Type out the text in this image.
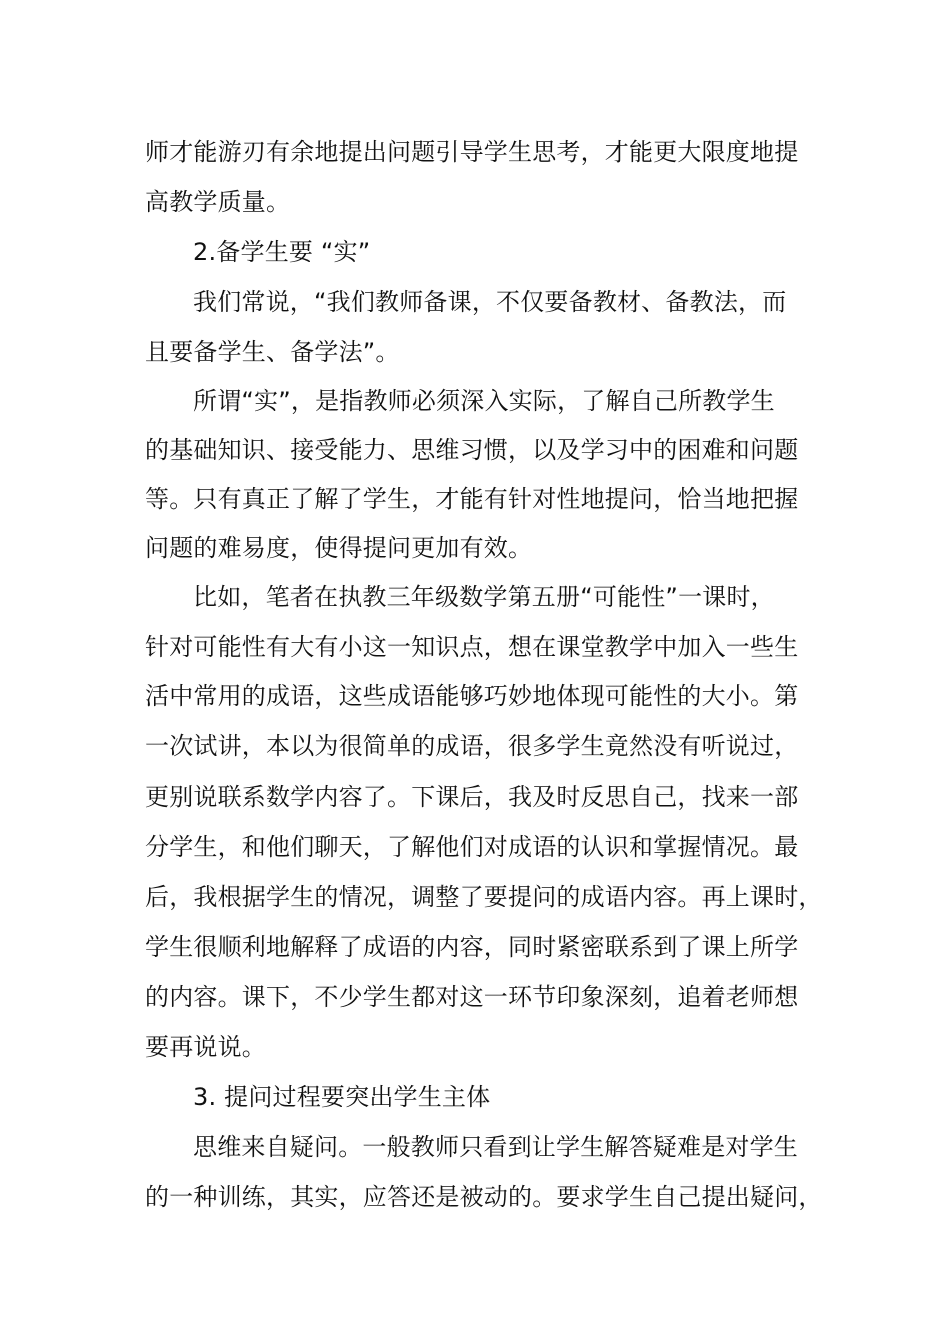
师才能游刃有余地提出问题引导学生思考，才能更大限度地提
高教学质量。
2.备学生要 “实”
我们常说，“我们教师备课，不仅要备教材、备教法，而
且要备学生、备学法”。
所谓“实”，是指教师必须深入实际，了解自己所教学生
的基础知识、接受能力、思维习惯，以及学习中的困难和问题
等。只有真正了解了学生，才能有针对性地提问，恰当地把握
问题的难易度，使得提问更加有效。
比如，笔者在执教三年级数学第五册“可能性”一课时，
针对可能性有大有小这一知识点，想在课堂教学中加入一些生
活中常用的成语，这些成语能够巧妙地体现可能性的大小。第
一次试讲，本以为很简单的成语，很多学生竟然没有听说过，
更别说联系数学内容了。下课后，我及时反思自己，找来一部
分学生，和他们聊天，了解他们对成语的认识和掌握情况。最
后，我根据学生的情况，调整了要提问的成语内容。再上课时，
学生很顺利地解释了成语的内容，同时紧密联系到了课上所学
的内容。课下，不少学生都对这一环节印象深刻，追着老师想
要再说说。
3. 提问过程要突出学生主体
思维来自疑问。一般教师只看到让学生解答疑难是对学生
的一种训练，其实，应答还是被动的。要求学生自己提出疑问，
